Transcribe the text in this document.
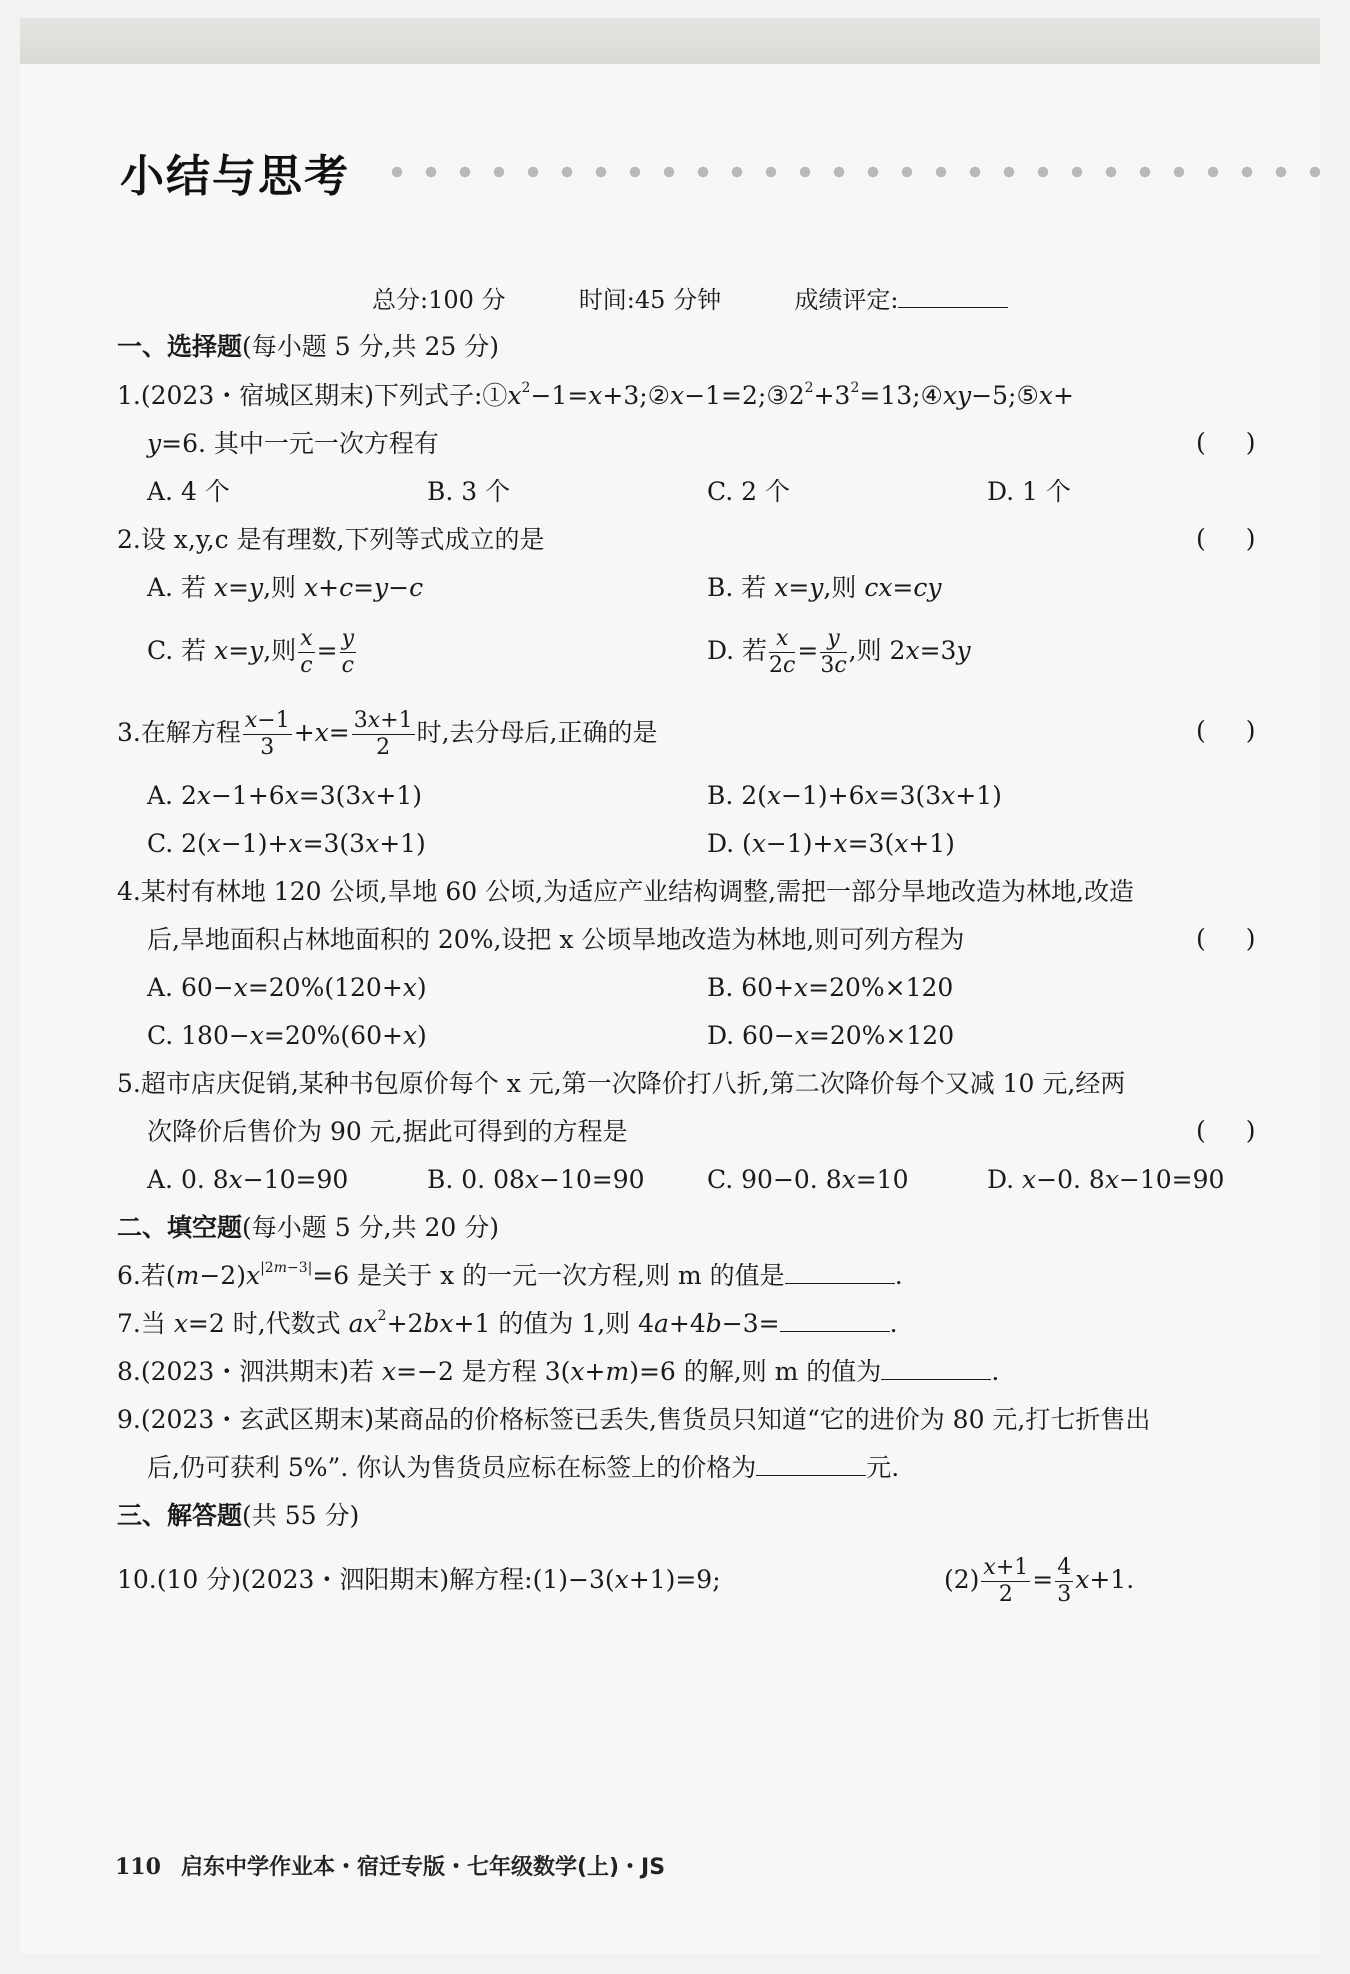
小结与思考
总分:100 分	时间:45 分钟	成绩评定:
一、选择题(每小题 5 分,共 25 分)
1.(2023・宿城区期末)下列式子$:①x^2-1=x+3;②x-1=2;③2^2+3^2=13;④xy-5;⑤x+$
y=6. 其中一元一次方程有	()
A. 4 个	B. 3 个	C. 2 个	D. 1 个
2.设 x,y,c 是有理数,下列等式成立的是	()
A. 若 x=y,则 x+c=y−c	B. 若 x=y,则 cx=cy
C. 若 x=y,则 $\frac{x}{c} = \frac{y}{c}$	D. 若 $\frac{x}{2c} = \frac{y}{3c}$ ,则 2x=3y
3.在解方程 $\frac{x-1}{3} +x= \frac{3x+1}{2}$ 时,去分母后,正确的是	()
A. 2x−1+6x=3(3x+1)	B. 2(x−1)+6x=3(3x+1)
C. 2(x−1)+x=3(3x+1)	D. (x−1)+x=3(x+1)
4.某村有林地 120 公顷,旱地 60 公顷,为适应产业结构调整,需把一部分旱地改造为林地,改造
后,旱地面积占林地面积的 20%,设把 x 公顷旱地改造为林地,则可列方程为	()
A. 60−x=20%(120+x)	B. 60+x=20%×120
C. 180−x=20%(60+x)	D. 60−x=20%×120
5.超市店庆促销,某种书包原价每个 x 元,第一次降价打八折,第二次降价每个又减 10 元,经两
次降价后售价为 90 元,据此可得到的方程是	()
A. 0. 8x−10=90	B. 0. 08x−10=90 C. 90−0. 8x=10	D. x−0. 8x−10=90
二、填空题(每小题 5 分,共 20 分)
6.若$(m-2)x^{|2m-3|}=6$ 是关于 x 的一元一次方程,则 m 的值是	.
7.当 x=2 时,代数式 $ax^2+2bx+1$ 的值为 1,则 4a+4b−3=	.
8.(2023・泗洪期末)若 x=−2 是方程 3(x+m)=6 的解,则 m 的值为	.
9.(2023・玄武区期末)某商品的价格标签已丢失,售货员只知道“它的进价为 80 元,打七折售出
后,仍可获利 5%”. 你认为售货员应标在标签上的价格为	元.
三、解答题(共 55 分)
10.(10 分)(2023・泗阳期末)解方程:(1)−3(x+1)=9;	$(2) \frac{x+1}{2} = \frac{4}{3} x+1$.
110 启东中学作业本・宿迁专版・七年级数学(上)・JS
